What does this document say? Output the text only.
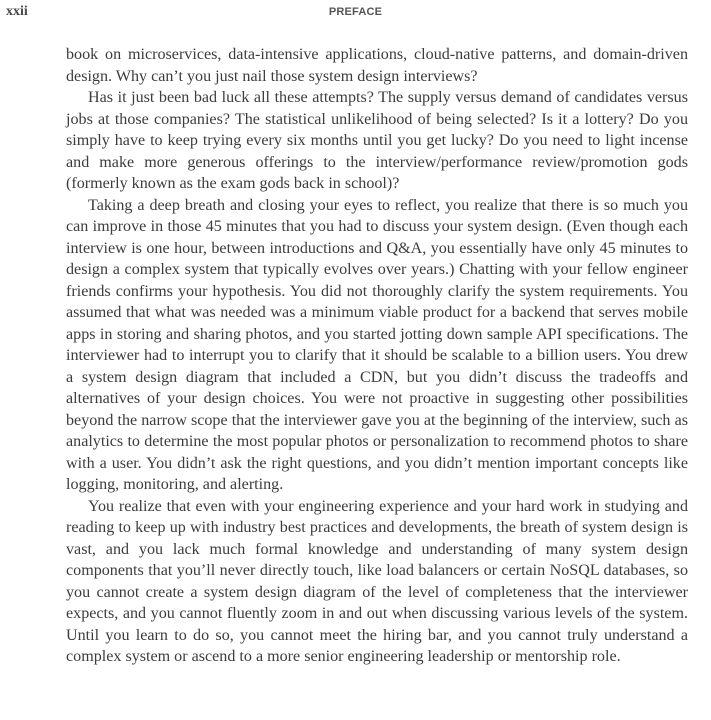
xxii	PREFACE

book on microservices, data-intensive applications, cloud-native patterns, and domain-driven design. Why can’t you just nail those system design interviews?

Has it just been bad luck all these attempts? The supply versus demand of candidates versus jobs at those companies? The statistical unlikelihood of being selected? Is it a lottery? Do you simply have to keep trying every six months until you get lucky? Do you need to light incense and make more generous offerings to the interview/performance review/promotion gods (formerly known as the exam gods back in school)?

Taking a deep breath and closing your eyes to reflect, you realize that there is so much you can improve in those 45 minutes that you had to discuss your system design. (Even though each interview is one hour, between introductions and Q&A, you essentially have only 45 minutes to design a complex system that typically evolves over years.) Chatting with your fellow engineer friends confirms your hypothesis. You did not thoroughly clarify the system requirements. You assumed that what was needed was a minimum viable product for a backend that serves mobile apps in storing and sharing photos, and you started jotting down sample API specifications. The interviewer had to interrupt you to clarify that it should be scalable to a billion users. You drew a system design diagram that included a CDN, but you didn’t discuss the tradeoffs and alternatives of your design choices. You were not proactive in suggesting other possibilities beyond the narrow scope that the interviewer gave you at the beginning of the interview, such as analytics to determine the most popular photos or personalization to recommend photos to share with a user. You didn’t ask the right questions, and you didn’t mention important concepts like logging, monitoring, and alerting.

You realize that even with your engineering experience and your hard work in studying and reading to keep up with industry best practices and developments, the breath of system design is vast, and you lack much formal knowledge and understanding of many system design components that you’ll never directly touch, like load balancers or certain NoSQL databases, so you cannot create a system design diagram of the level of completeness that the interviewer expects, and you cannot fluently zoom in and out when discussing various levels of the system. Until you learn to do so, you cannot meet the hiring bar, and you cannot truly understand a complex system or ascend to a more senior engineering leadership or mentorship role.
